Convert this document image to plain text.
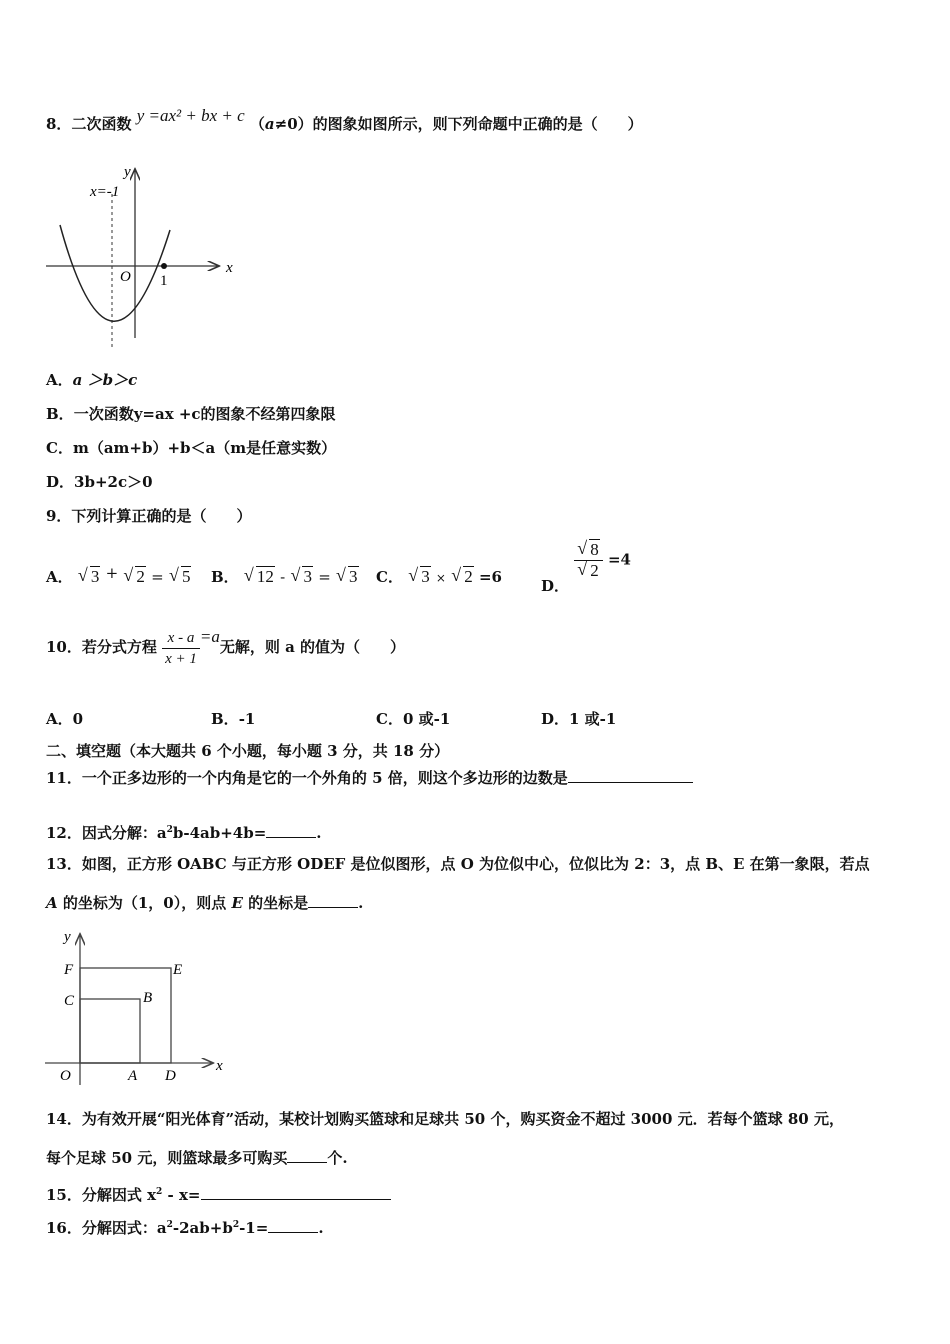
8．二次函数 y =ax² + bx + c （a≠0）的图象如图所示，则下列命题中正确的是（　　）
x=-1
x
y
O 1
A．a ＞b＞c
B．一次函数y=ax +c的图象不经第四象限
C．m（am+b）+b＜a（m是任意实数）
D．3b+2c＞0
9．下列计算正确的是（　　）
A． √ 3 + √ 2 = √ 5 B． √ 12 - √ 3 = √ 3 C． √ 3 × √ 2 =6	D．
√ 8
√ 2 =4
10．若分式方程 $\frac{x - a}{x + 1} =a$无解，则 a 的值为（　　）
A．0	B．-1	C．0 或-1	D．1 或-1
二、填空题（本大题共 6 个小题，每小题 3 分，共 18 分）
11．一个正多边形的一个内角是它的一个外角的 5 倍，则这个多边形的边数是
12．因式分解：$a^2b-4ab+4b=$	.
13．如图，正方形 OABC 与正方形 ODEF 是位似图形，点 O 为位似中心，位似比为 2：3，点 B、E 在第一象限，若点
A 的坐标为（1，0），则点 E 的坐标是	.
y
x
F	E
C	B
O	A D
14．为有效开展“阳光体育”活动，某校计划购买篮球和足球共 50 个，购买资金不超过 3000 元．若每个篮球 80 元，
每个足球 50 元，则篮球最多可购买	个.
15．分解因式 $x^2 - x=$
16．分解因式：$a^2-2ab+b^2-1=$	.
